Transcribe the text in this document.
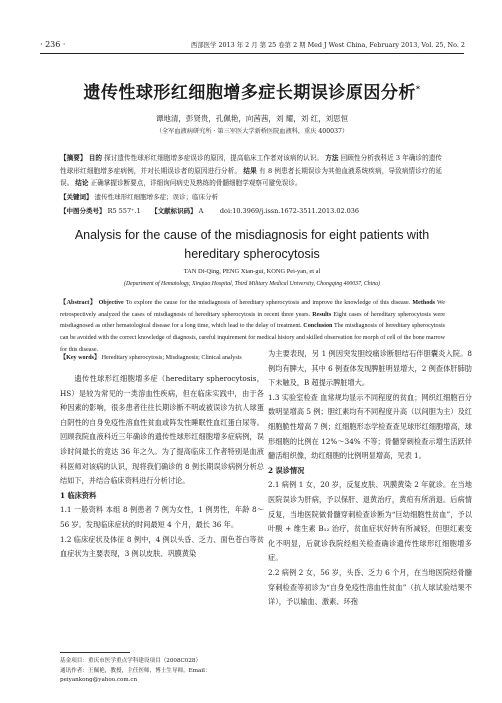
· 236 ·	西部医学 2013 年 2 月 第 25 卷第 2 期 Med J West China, February 2013, Vol. 25, No. 2
遗传性球形红细胞增多症长期误诊原因分析*
谭地清，彭贤贵，孔佩艳，向茜茜，刘 耀，刘 红，刘思恒
（全军血液病研究所 · 第三军医大学新桥医院血液科，重庆 400037）
【摘要】 目的 探讨遗传性球形红细胞增多症误诊的原因，提高临床工作者对该病的认识。 方法 回顾性分析我科近 3 年确诊的遗传性球形红细胞增多症病例，并对长期误诊者的原因进行分析。 结果 有 8 例患者长期误诊为其他血液系统疾病，导致病情诊疗的延误。 结论 正确掌握诊断要点，详细询问病史及熟练的骨髓细胞学观察可避免误诊。
【关键词】 遗传性球形红细胞增多症；误诊；临床分析
【中图分类号】 R5 557⁺.1 【文献标识码】 A	doi:10.3969/j.issn.1672-3511.2013.02.036
Analysis for the cause of the misdiagnosis for eight patients with
hereditary spherocytosis
TAN Di-Qing, PENG Xian-gui, KONG Pei-yan, et al
(Department of Hematology, Xinqiao Hospital, Third Military Medical University, Chongqing 400037, China)
【Abstract】 Objective To explore the cause for the misdiagnosis of hereditary spherocytosis and improve the knowledge of this disease. Methods We retrospectively analyzed the cases of misdiagnosis of hereditary spherocytosis in recent three years. Results Eight cases of hereditary spherocytosis were misdiagnosed as other hematological disease for a long time, which lead to the delay of treatment. Conclusion The misdiagnosis of hereditary spherocytosis can be avoided with the correct knowledge of diagnosis, careful inquirement for medical history and skilled observation for morph of cell of the bone marrow for this disease.
【Key words】 Hereditary spherocytosis; Misdiagnosis; Clinical analysis

遗传性球形红细胞增多症（hereditary spherocytosis，HS）是较为常见的一类溶血性疾病，但在临床实践中，由于各种因素的影响，很多患者往往长期诊断不明或被误诊为抗人球蛋白阴性的自身免疫性溶血性贫血或阵发性睡眠性血红蛋白尿等。回顾我院血液科近三年确诊的遗传性球形红细胞增多症病例，误诊时间最长的竟达 36 年之久。为了提高临床工作者特别是血液科医师对该病的认识，现将我们确诊的 8 例长期误诊病例分析总结如下，并结合临床资料进行分析讨论。

1 临床资料

1.1 一般资料 本组 8 例患者 7 例为女性，1 例男性，年龄 8～56 岁。发现临床症状的时间最短 4 个月，最长 36 年。

1.2 临床症状及体征 8 例中，4 例以头昏、乏力、面色苍白等贫血症状为主要表现，3 例以皮肤、巩膜黄染

为主要表现，另 1 例因突发胆绞痛诊断胆结石伴胆囊炎入院。8 例均有脾大，其中 6 例查体发现脾脏明显增大，2 例查体肝肺肋下未触及，B 超提示脾脏增大。

1.3 实验室检查 血常规均显示不同程度的贫血；网织红细胞百分数明显增高 5 例；胆红素均有不同程度升高（以间胆为主）及红细胞脆性增高 7 例；红细胞形态学检查查见球形红细胞增高，球形细胞的比例在 12%～34% 不等；骨髓穿刺检查示增生活跃伴髓活组织像，幼红细胞的比例明显增高，见表 1。

2 误诊情况

2.1 病例 1 女，20 岁，反复皮肤、巩膜黄染 2 年就诊。在当地医院误诊为肝病，予以保肝、退黄治疗，黄疸有所消退。后病情反复，当地医院做骨髓穿刺检查诊断为“巨幼细胞性贫血”，予以叶酸 + 维生素 B₁₂ 治疗，贫血症状好转有所减轻，但胆红素变化不明显，后就诊我院经相关检查确诊遗传性球形红细胞增多症。

2.2 病例 2 女，56 岁，头昏、乏力 6 个月，在当地医院经骨髓穿刺检查等初诊为“自身免疫性溶血性贫血”（抗人球试验结果不详），予以输血、激素、环孢

基金项目：重庆市医学重点学科建设项目（2008C028）
通讯作者：王佩艳，教授，主任医师，博士生导师。Email：peiyankong@yahoo.com.cn
